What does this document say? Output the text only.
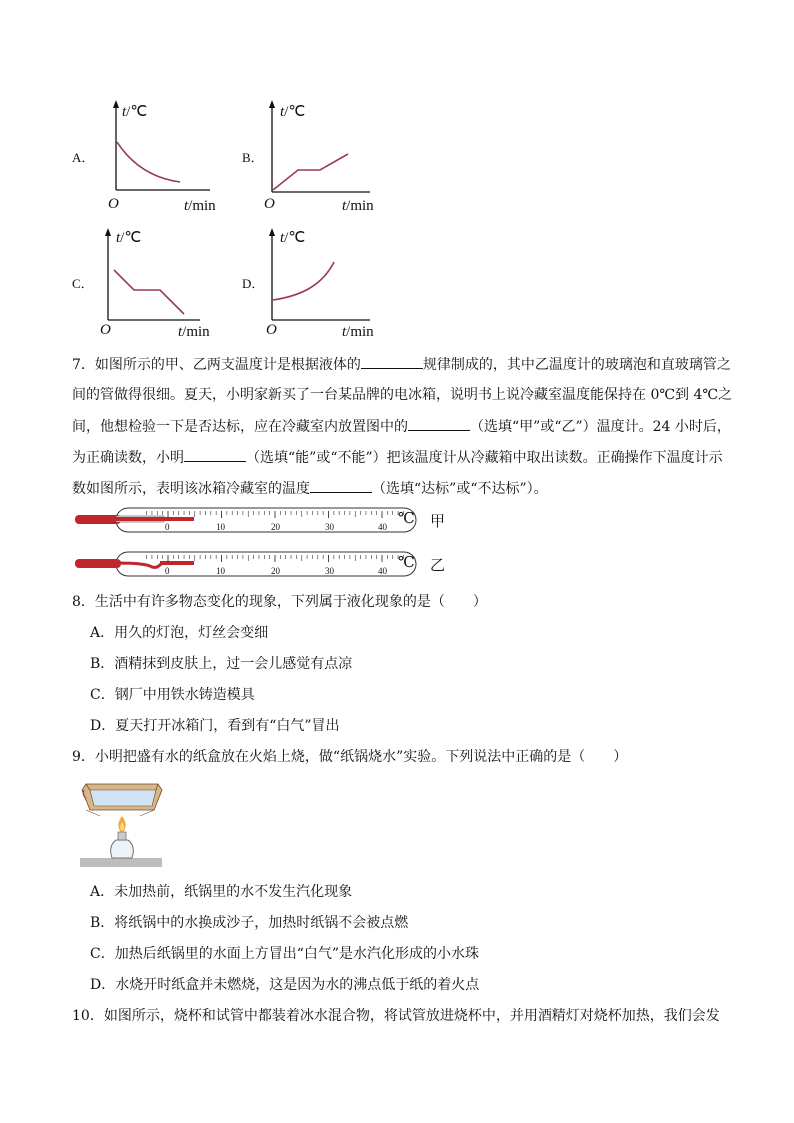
A．
t/℃
O	t/min
B．
t/℃
O	t/min
C．
t/℃
O	t/min
D．
t/℃
O	t/min
7．如图所示的甲、乙两支温度计是根据液体的	规律制成的，其中乙温度计的玻璃泡和直玻璃管之
间的管做得很细。夏天，小明家新买了一台某品牌的电冰箱，说明书上说冷藏室温度能保持在 0℃到 4℃之
间，他想检验一下是否达标，应在冷藏室内放置图中的	（选填“甲”或“乙”）温度计。24 小时后，
为正确读数，小明	（选填“能”或“不能”）把该温度计从冷藏箱中取出读数。正确操作下温度计示
数如图所示，表明该冰箱冷藏室的温度	（选填“达标”或“不达标”）。
℃
0	10	20	30	40	甲
℃
0	10	20	30	40	乙
8．生活中有许多物态变化的现象，下列属于液化现象的是（　　）
A．用久的灯泡，灯丝会变细
B．酒精抹到皮肤上，过一会儿感觉有点凉
C．钢厂中用铁水铸造模具
D．夏天打开冰箱门，看到有“白气”冒出
9．小明把盛有水的纸盒放在火焰上烧，做“纸锅烧水”实验。下列说法中正确的是（　　）
A．未加热前，纸锅里的水不发生汽化现象
B．将纸锅中的水换成沙子，加热时纸锅不会被点燃
C．加热后纸锅里的水面上方冒出“白气”是水汽化形成的小水珠
D．水烧开时纸盒并未燃烧，这是因为水的沸点低于纸的着火点
10．如图所示，烧杯和试管中都装着冰水混合物，将试管放进烧杯中，并用酒精灯对烧杯加热，我们会发
